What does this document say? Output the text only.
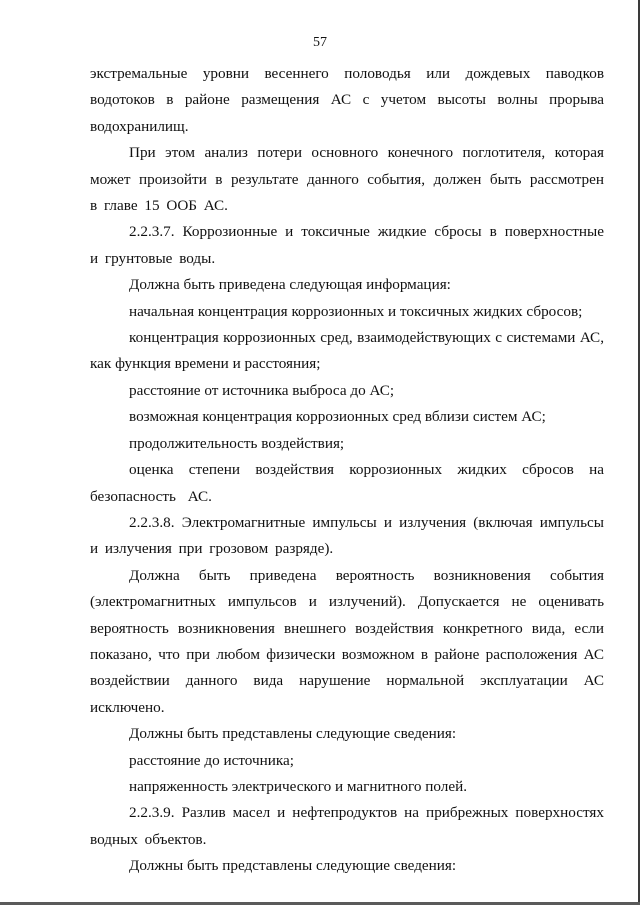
57

экстремальные уровни весеннего половодья или дождевых паводков водотоков в районе размещения АС с учетом высоты волны прорыва водохранилищ.

При этом анализ потери основного конечного поглотителя, которая может произойти в результате данного события, должен быть рассмотрен в главе 15 ООБ АС.

2.2.3.7. Коррозионные и токсичные жидкие сбросы в поверхностные и грунтовые воды.

Должна быть приведена следующая информация:

начальная концентрация коррозионных и токсичных жидких сбросов;

концентрация коррозионных сред, взаимодействующих с системами АС, как функция времени и расстояния;

расстояние от источника выброса до АС;

возможная концентрация коррозионных сред вблизи систем АС;

продолжительность воздействия;

оценка степени воздействия коррозионных жидких сбросов на безопасность АС.

2.2.3.8. Электромагнитные импульсы и излучения (включая импульсы и излучения при грозовом разряде).

Должна быть приведена вероятность возникновения события (электромагнитных импульсов и излучений). Допускается не оценивать вероятность возникновения внешнего воздействия конкретного вида, если показано, что при любом физически возможном в районе расположения АС воздействии данного вида нарушение нормальной эксплуатации АС исключено.

Должны быть представлены следующие сведения:

расстояние до источника;

напряженность электрического и магнитного полей.

2.2.3.9. Разлив масел и нефтепродуктов на прибрежных поверхностях водных объектов.

Должны быть представлены следующие сведения:
